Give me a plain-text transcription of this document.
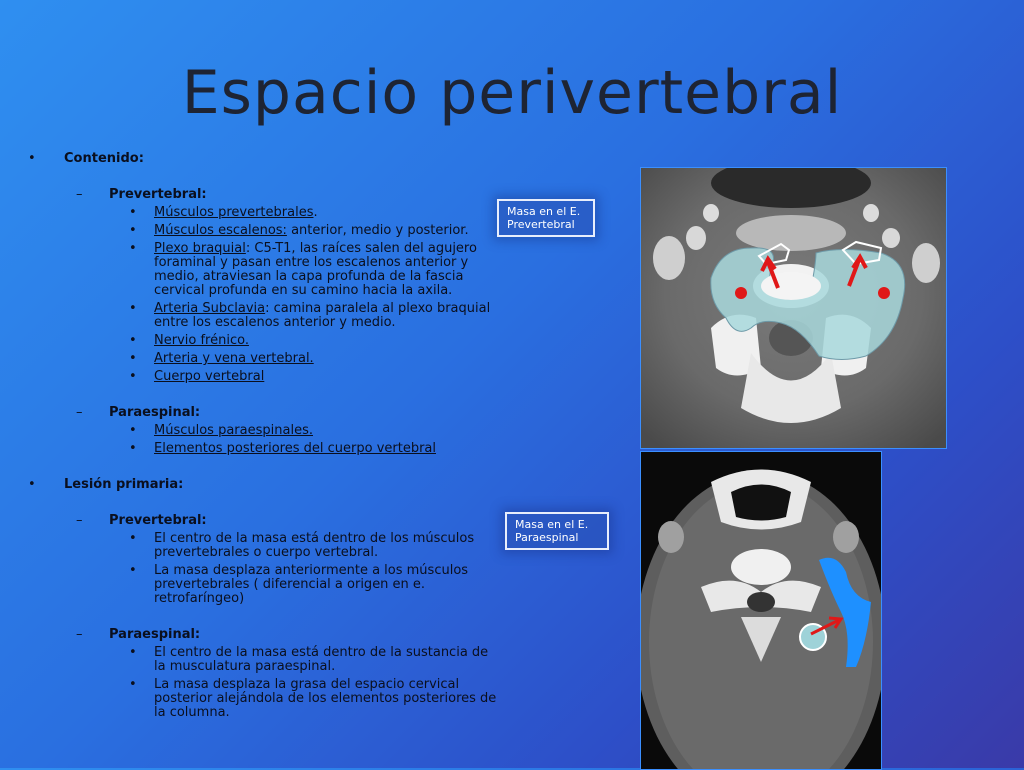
Espacio perivertebral
• Contenido:
– Prevertebral:
• Músculos prevertebrales.
• Músculos escalenos: anterior, medio y posterior.
• Plexo braquial: C5-T1, las raíces salen del agujero foraminal y pasan entre los escalenos anterior y medio, atraviesan la capa profunda de la fascia cervical profunda en su camino hacia la axila.
• Arteria Subclavia: camina paralela al plexo braquial entre los escalenos anterior y medio.
• Nervio frénico.
• Arteria y vena vertebral.
• Cuerpo vertebral
– Paraespinal:
• Músculos paraespinales.
• Elementos posteriores del cuerpo vertebral
• Lesión primaria:
– Prevertebral:
• El centro de la masa está dentro de los músculos prevertebrales o cuerpo vertebral.
• La masa desplaza anteriormente a los músculos prevertebrales ( diferencial a origen en e. retrofaríngeo)
– Paraespinal:
• El centro de la masa está dentro de la sustancia de la musculatura paraespinal.
• La masa desplaza la grasa del espacio cervical posterior alejándola de los elementos posteriores de la columna.
Masa en el E. Prevertebral
Masa en el E. Paraespinal
